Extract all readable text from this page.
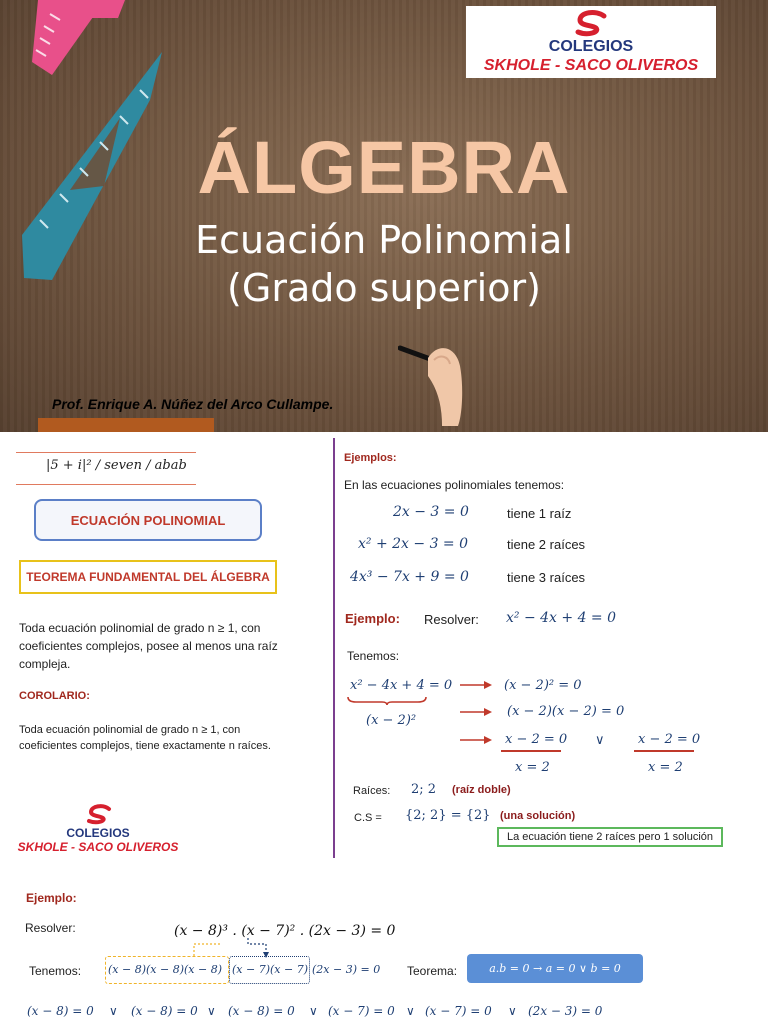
COLEGIOS
SKHOLE - SACO OLIVEROS
ÁLGEBRA
Ecuación Polinomial
(Grado superior)
Prof. Enrique A. Núñez del Arco Cullampe.
|5 + i|² / seven / abab
ECUACIÓN POLINOMIAL
TEOREMA FUNDAMENTAL DEL ÁLGEBRA
Toda ecuación polinomial de grado n ≥ 1, con
coeficientes complejos, posee al menos una raíz
compleja.
COROLARIO:
Toda ecuación polinomial de grado n ≥ 1, con
coeficientes complejos, tiene exactamente n raíces.
COLEGIOS
SKHOLE - SACO OLIVEROS
Ejemplos:
En las ecuaciones polinomiales tenemos:
2x − 3 = 0	tiene 1 raíz
x² + 2x − 3 = 0	tiene 2 raíces
4x³ − 7x + 9 = 0	tiene 3 raíces
Ejemplo: Resolver: x² − 4x + 4 = 0
Tenemos:
x² − 4x + 4 = 0
(x − 2)²
(x − 2)² = 0
(x − 2)(x − 2) = 0
x − 2 = 0 ∨	x − 2 = 0
x = 2	x = 2
Raíces: 2; 2 (raíz doble)
C.S = {2; 2} = {2} (una solución)
La ecuación tiene 2 raíces pero 1 solución
Ejemplo:
Resolver:	(x − 8)³ . (x − 7)² . (2x − 3) = 0
Tenemos: (x − 8)(x − 8)(x − 8) (x − 7)(x − 7) (2x − 3) = 0 Teorema:	a.b = 0 → a = 0 ∨ b = 0
(x − 8) = 0 ∨ (x − 8) = 0 ∨ (x − 8) = 0 ∨ (x − 7) = 0 ∨ (x − 7) = 0 ∨ (2x − 3) = 0
